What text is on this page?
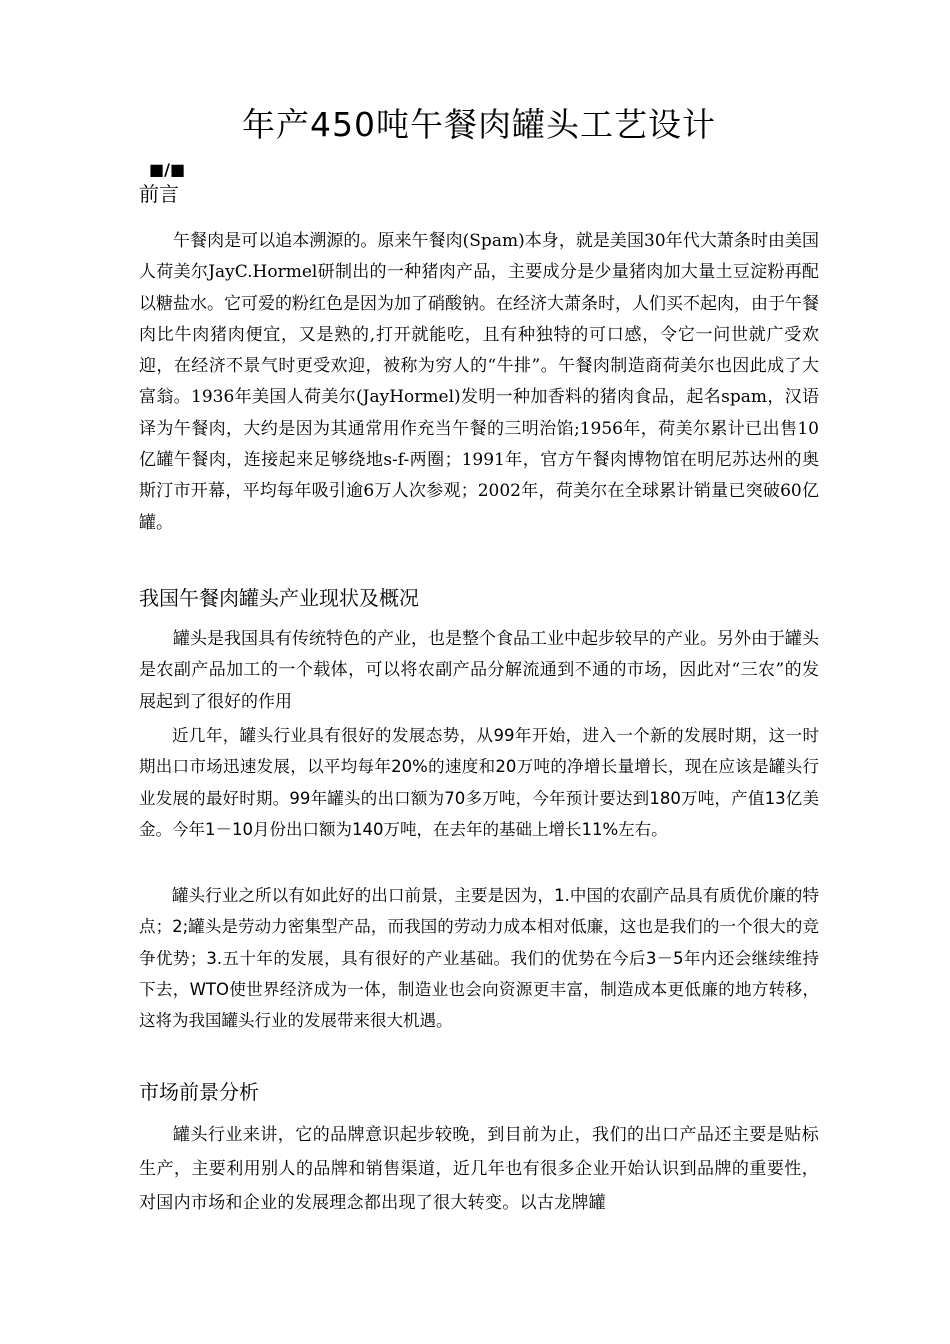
年产450吨午餐肉罐头工艺设计
■/■
前言

午餐肉是可以追本溯源的。原来午餐肉(Spam)本身，就是美国30年代大萧条时由美国人荷美尔JayC.Hormel研制出的一种猪肉产品，主要成分是少量猪肉加大量土豆淀粉再配以糖盐水。它可爱的粉红色是因为加了硝酸钠。在经济大萧条时，人们买不起肉，由于午餐肉比牛肉猪肉便宜，又是熟的,打开就能吃，且有种独特的可口感，令它一问世就广受欢迎，在经济不景气时更受欢迎，被称为穷人的“牛排”。午餐肉制造商荷美尔也因此成了大富翁。1936年美国人荷美尔(JayHormel)发明一种加香料的猪肉食品，起名spam，汉语译为午餐肉，大约是因为其通常用作充当午餐的三明治馅;1956年，荷美尔累计已出售10亿罐午餐肉，连接起来足够绕地s-f-两圈；1991年，官方午餐肉博物馆在明尼苏达州的奥斯汀市开幕，平均每年吸引逾6万人次参观；2002年，荷美尔在全球累计销量已突破60亿罐。

我国午餐肉罐头产业现状及概况

罐头是我国具有传统特色的产业，也是整个食品工业中起步较早的产业。另外由于罐头是农副产品加工的一个载体，可以将农副产品分解流通到不通的市场，因此对“三农”的发展起到了很好的作用

近几年，罐头行业具有很好的发展态势，从99年开始，进入一个新的发展时期，这一时期出口市场迅速发展，以平均每年20%的速度和20万吨的净增长量增长，现在应该是罐头行业发展的最好时期。99年罐头的出口额为70多万吨，今年预计要达到180万吨，产值13亿美金。今年1－10月份出口额为140万吨，在去年的基础上增长11%左右。

罐头行业之所以有如此好的出口前景，主要是因为，1.中国的农副产品具有质优价廉的特点；2;罐头是劳动力密集型产品，而我国的劳动力成本相对低廉，这也是我们的一个很大的竞争优势；3.五十年的发展，具有很好的产业基础。我们的优势在今后3－5年内还会继续维持下去，WTO使世界经济成为一体，制造业也会向资源更丰富，制造成本更低廉的地方转移，这将为我国罐头行业的发展带来很大机遇。

市场前景分析

罐头行业来讲，它的品牌意识起步较晚，到目前为止，我们的出口产品还主要是贴标生产，主要利用别人的品牌和销售渠道，近几年也有很多企业开始认识到品牌的重要性，对国内市场和企业的发展理念都出现了很大转变。以古龙牌罐
